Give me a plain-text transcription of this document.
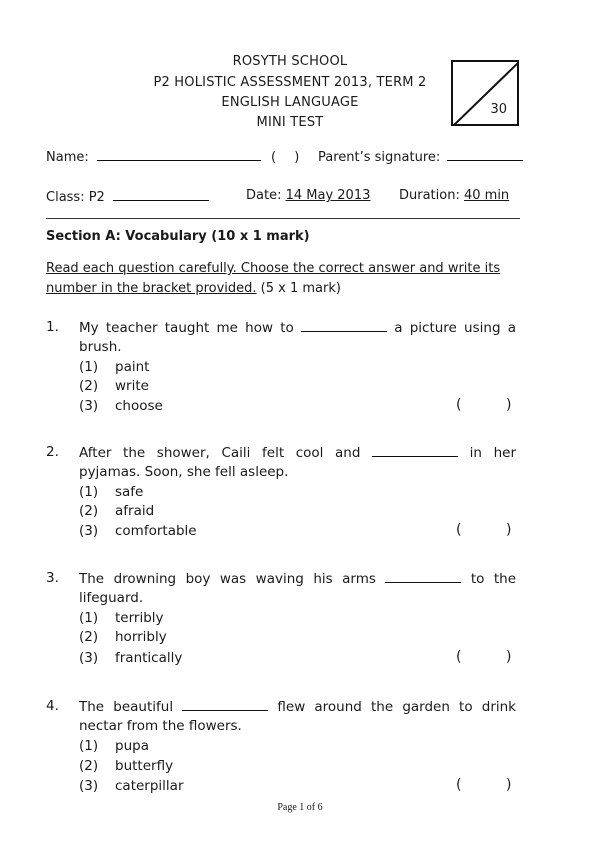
ROSYTH SCHOOL
P2 HOLISTIC ASSESSMENT 2013, TERM 2
ENGLISH LANGUAGE
MINI TEST
30
Name:	( ) Parent’s signature:
Class: P2	Date: 14 May 2013 Duration: 40 min
Section A: Vocabulary (10 x 1 mark)
Read each question carefully. Choose the correct answer and write its
number in the bracket provided. (5 x 1 mark)
1. My teacher taught me how to	a picture using a
brush.
(1) paint
(2) write
(3) choose	(	)
2. After the shower, Caili felt cool and	in her
pyjamas. Soon, she fell asleep.
(1) safe
(2) afraid
(3) comfortable	(	)
3. The drowning boy was waving his arms	to the
lifeguard.
(1) terribly
(2) horribly
(3) frantically	(	)
4. The beautiful	flew around the garden to drink
nectar from the flowers.
(1) pupa
(2) butterfly
(3) caterpillar	(	)
Page 1 of 6
